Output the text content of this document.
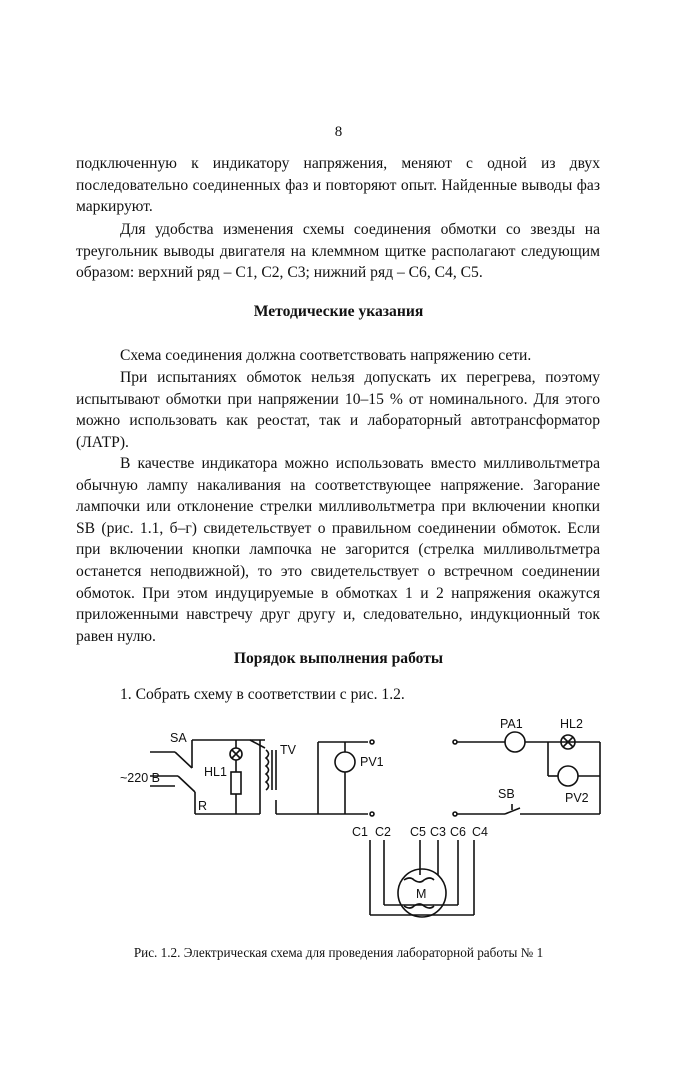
8
подключенную к индикатору напряжения, меняют с одной из двух последовательно соединенных фаз и повторяют опыт. Найденные выводы фаз маркируют.
Для удобства изменения схемы соединения обмотки со звезды на треугольник выводы двигателя на клеммном щитке располагают следующим образом: верхний ряд – C1, C2, C3; нижний ряд – C6, C4, C5.
Методические указания
Схема соединения должна соответствовать напряжению сети.
При испытаниях обмоток нельзя допускать их перегрева, поэтому испытывают обмотки при напряжении 10–15 % от номинального. Для этого можно использовать как реостат, так и лабораторный автотрансформатор (ЛАТР).
В качестве индикатора можно использовать вместо милливольтметра обычную лампу накаливания на соответствующее напряжение. Загорание лампочки или отклонение стрелки милливольтметра при включении кнопки SB (рис. 1.1, б–г) свидетельствует о правильном соединении обмоток. Если при включении кнопки лампочка не загорится (стрелка милливольтметра останется неподвижной), то это свидетельствует о встречном соединении обмоток. При этом индуцируемые в обмотках 1 и 2 напряжения окажутся приложенными навстречу друг другу и, следовательно, индукционный ток равен нулю.
Порядок выполнения работы
1. Собрать схему в соответствии с рис. 1.2.
SA
~220 В
R
HL1
TV
PV1
PA1	HL2
PV2
SB
C1 C2 C5 C3 C6 C4
M
Рис. 1.2. Электрическая схема для проведения лабораторной работы № 1
